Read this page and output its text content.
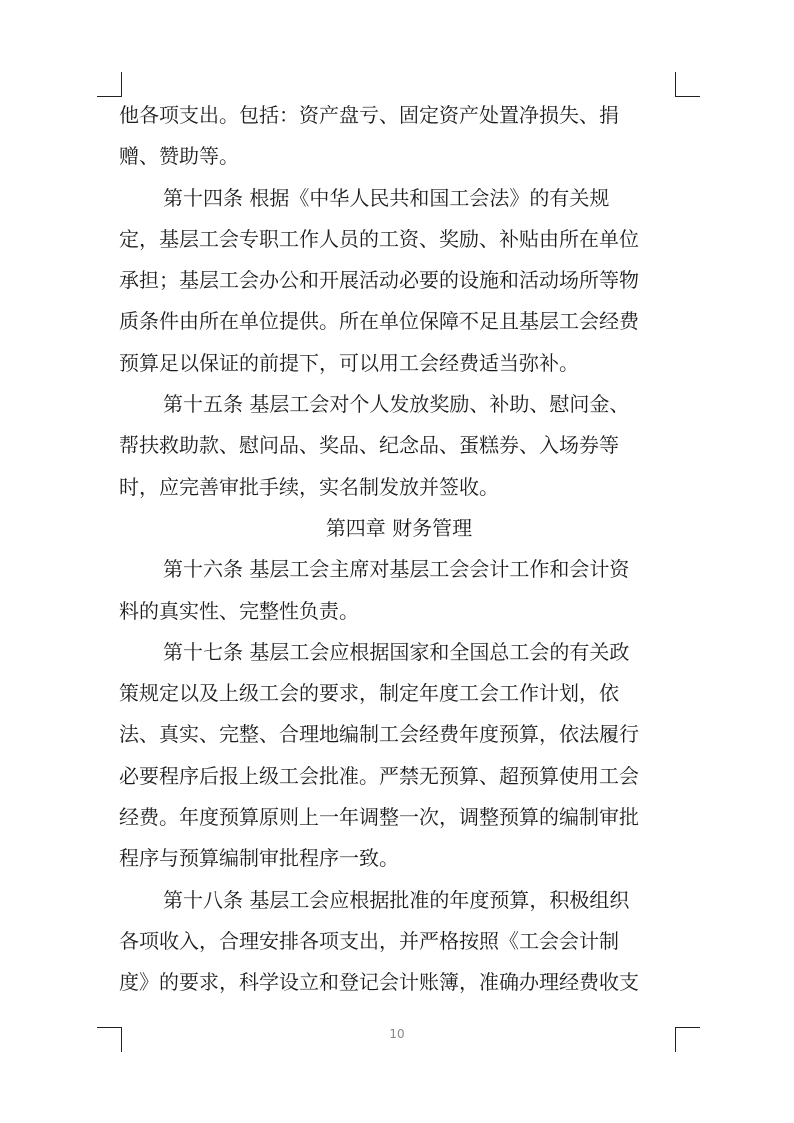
他各项支出。包括：资产盘亏、固定资产处置净损失、捐
赠、赞助等。
第十四条 根据《中华人民共和国工会法》的有关规
定，基层工会专职工作人员的工资、奖励、补贴由所在单位
承担；基层工会办公和开展活动必要的设施和活动场所等物
质条件由所在单位提供。所在单位保障不足且基层工会经费
预算足以保证的前提下，可以用工会经费适当弥补。
第十五条 基层工会对个人发放奖励、补助、慰问金、
帮扶救助款、慰问品、奖品、纪念品、蛋糕券、入场券等
时，应完善审批手续，实名制发放并签收。
第四章 财务管理
第十六条 基层工会主席对基层工会会计工作和会计资
料的真实性、完整性负责。
第十七条 基层工会应根据国家和全国总工会的有关政
策规定以及上级工会的要求，制定年度工会工作计划，依
法、真实、完整、合理地编制工会经费年度预算，依法履行
必要程序后报上级工会批准。严禁无预算、超预算使用工会
经费。年度预算原则上一年调整一次，调整预算的编制审批
程序与预算编制审批程序一致。
第十八条 基层工会应根据批准的年度预算，积极组织
各项收入，合理安排各项支出，并严格按照《工会会计制
度》的要求，科学设立和登记会计账簿，准确办理经费收支
10
